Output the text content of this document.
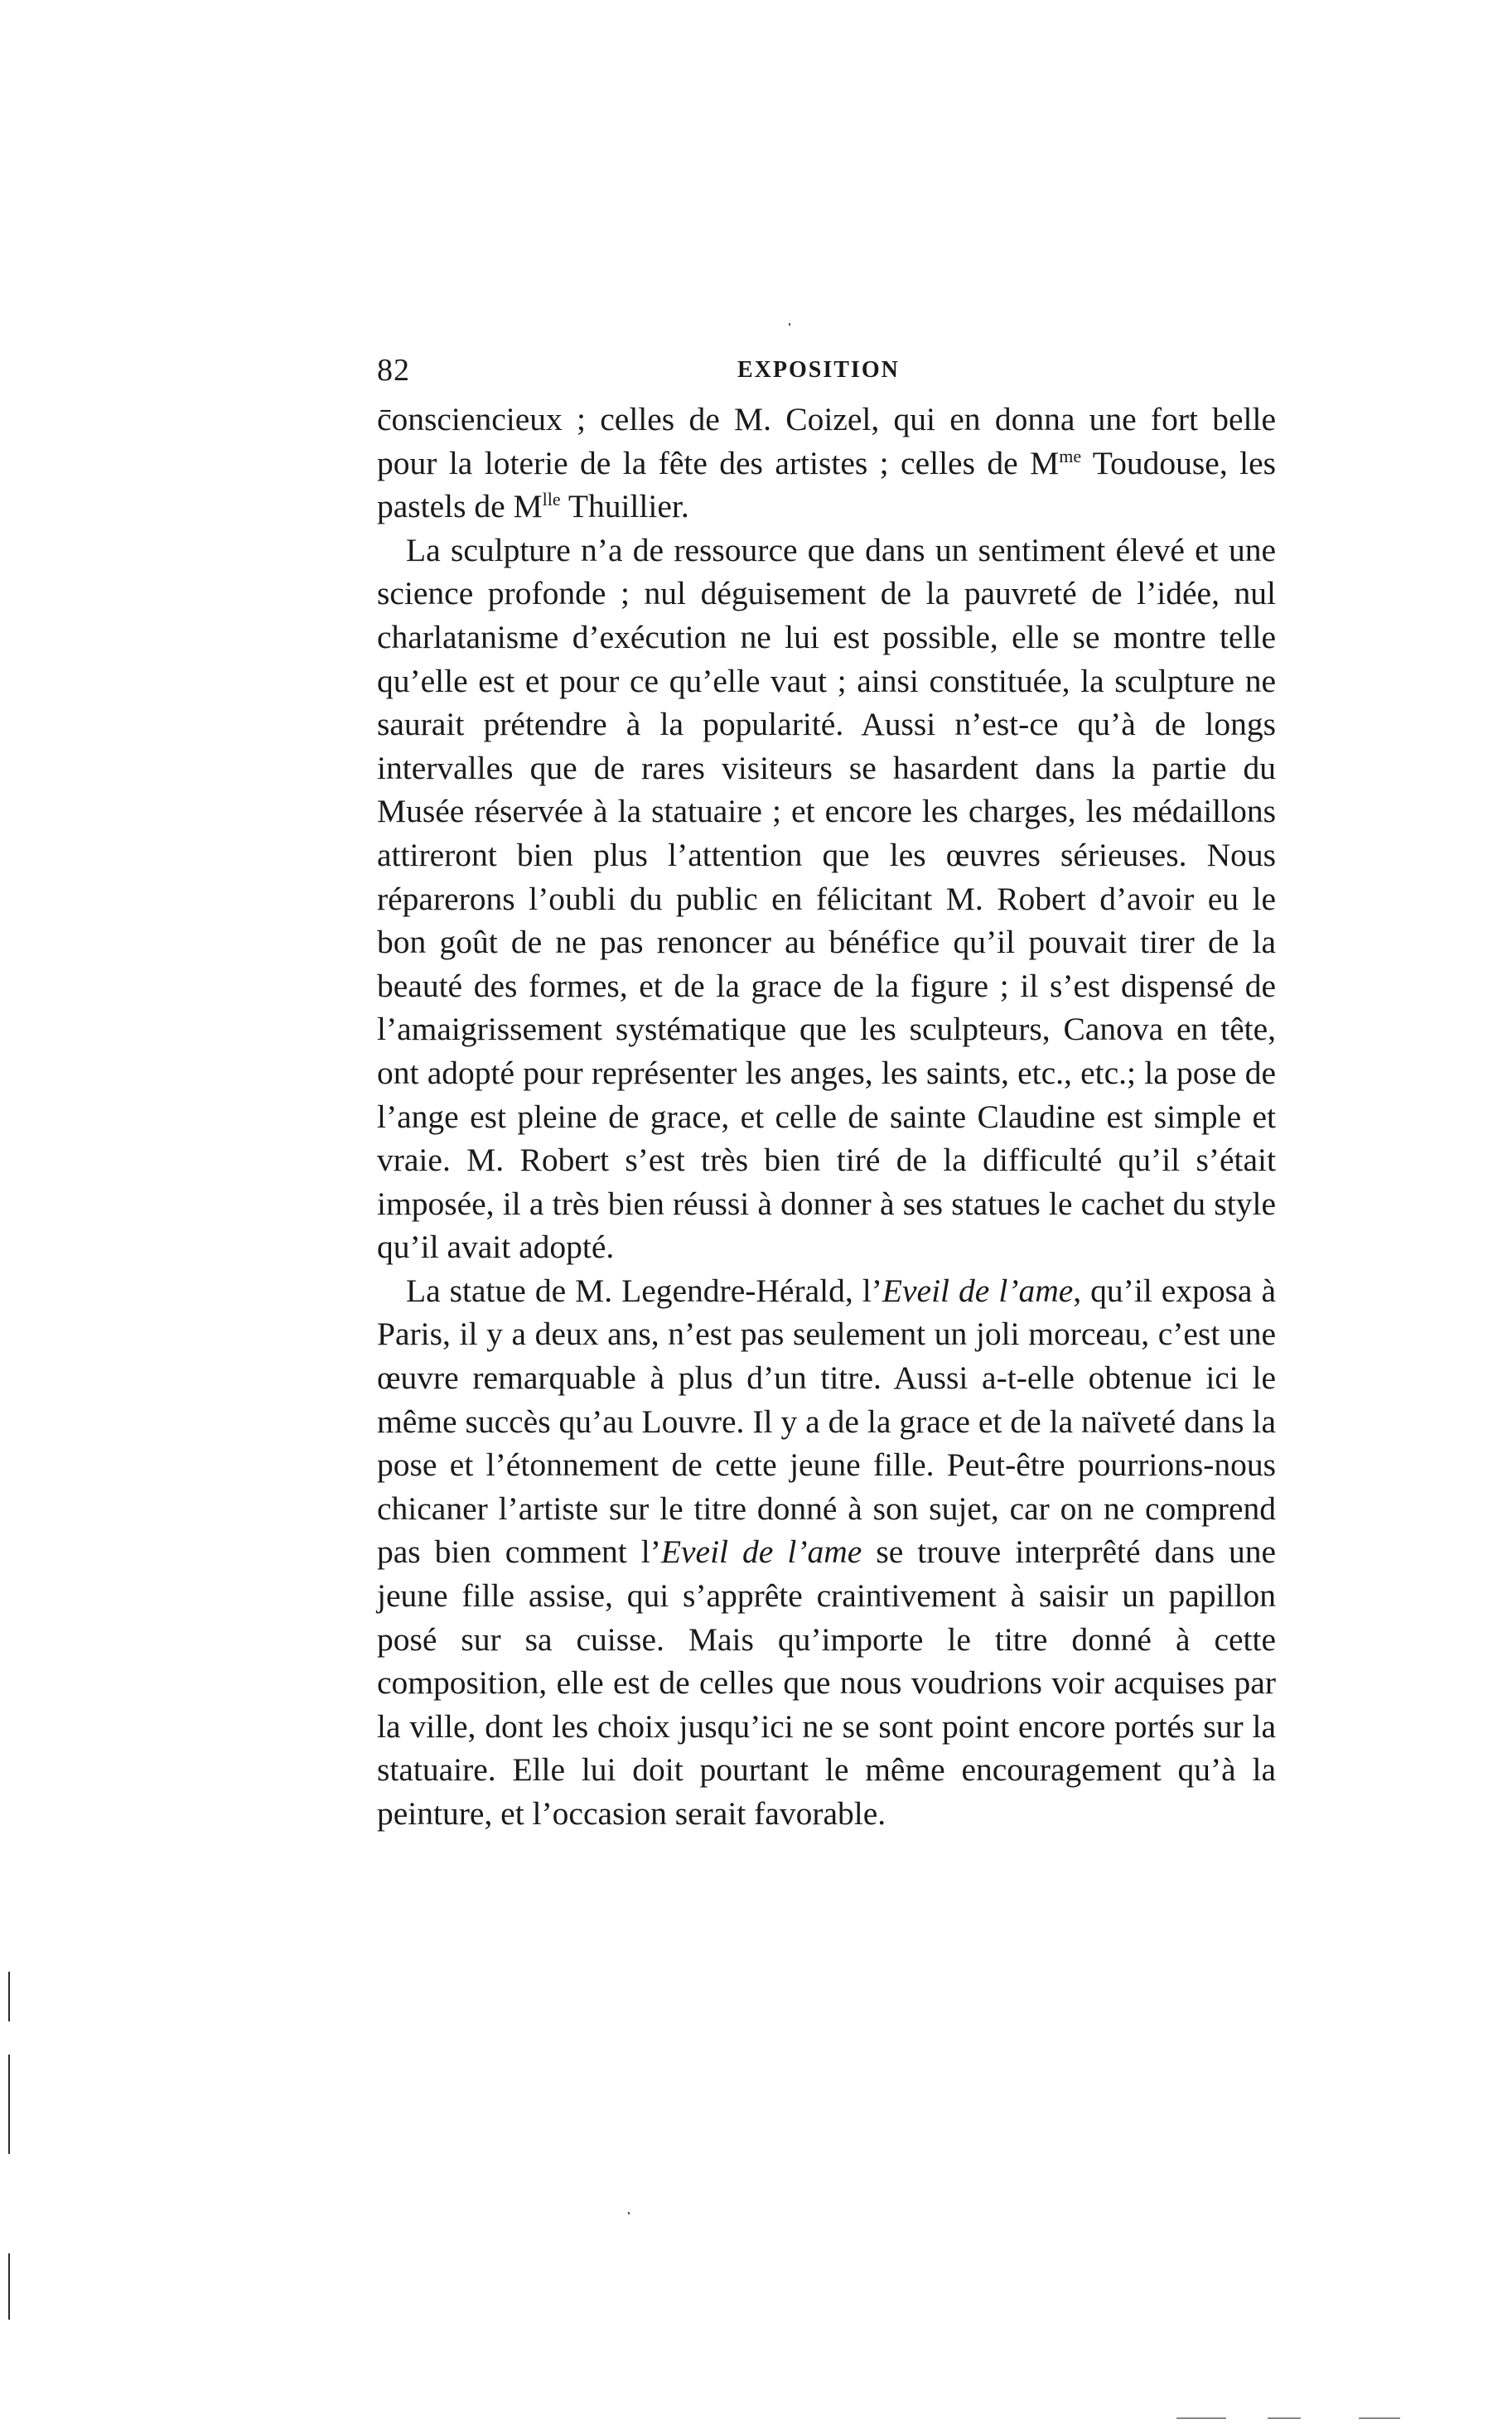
82	EXPOSITION

c̄onsciencieux ; celles de M. Coizel, qui en donna une fort belle pour la loterie de la fête des artistes ; celles de $M^{me}$ Toudouse, les pastels de $M^{lle}$ Thuillier.

La sculpture n’a de ressource que dans un sentiment élevé et une science profonde ; nul déguisement de la pauvreté de l’idée, nul charlatanisme d’exécution ne lui est possible, elle se montre telle qu’elle est et pour ce qu’elle vaut ; ainsi constituée, la sculpture ne saurait prétendre à la popularité. Aussi n’est-ce qu’à de longs intervalles que de rares visiteurs se hasardent dans la partie du Musée réservée à la statuaire ; et encore les charges, les médaillons attireront bien plus l’attention que les œuvres sérieuses. Nous réparerons l’oubli du public en félicitant M. Robert d’avoir eu le bon goût de ne pas renoncer au bénéfice qu’il pouvait tirer de la beauté des formes, et de la grace de la figure ; il s’est dispensé de l’amaigrissement systématique que les sculpteurs, Canova en tête, ont adopté pour représenter les anges, les saints, etc., etc.; la pose de l’ange est pleine de grace, et celle de sainte Claudine est simple et vraie. M. Robert s’est très bien tiré de la difficulté qu’il s’était imposée, il a très bien réussi à donner à ses statues le cachet du style qu’il avait adopté.

La statue de M. Legendre-Hérald, l’Eveil de l’ame, qu’il exposa à Paris, il y a deux ans, n’est pas seulement un joli morceau, c’est une œuvre remarquable à plus d’un titre. Aussi a-t-elle obtenue ici le même succès qu’au Louvre. Il y a de la grace et de la naïveté dans la pose et l’étonnement de cette jeune fille. Peut-être pourrions-nous chicaner l’artiste sur le titre donné à son sujet, car on ne comprend pas bien comment l’Eveil de l’ame se trouve interprêté dans une jeune fille assise, qui s’apprête craintivement à saisir un papillon posé sur sa cuisse. Mais qu’importe le titre donné à cette composition, elle est de celles que nous voudrions voir acquises par la ville, dont les choix jusqu’ici ne se sont point encore portés sur la statuaire. Elle lui doit pourtant le même encouragement qu’à la peinture, et l’occasion serait favorable.
